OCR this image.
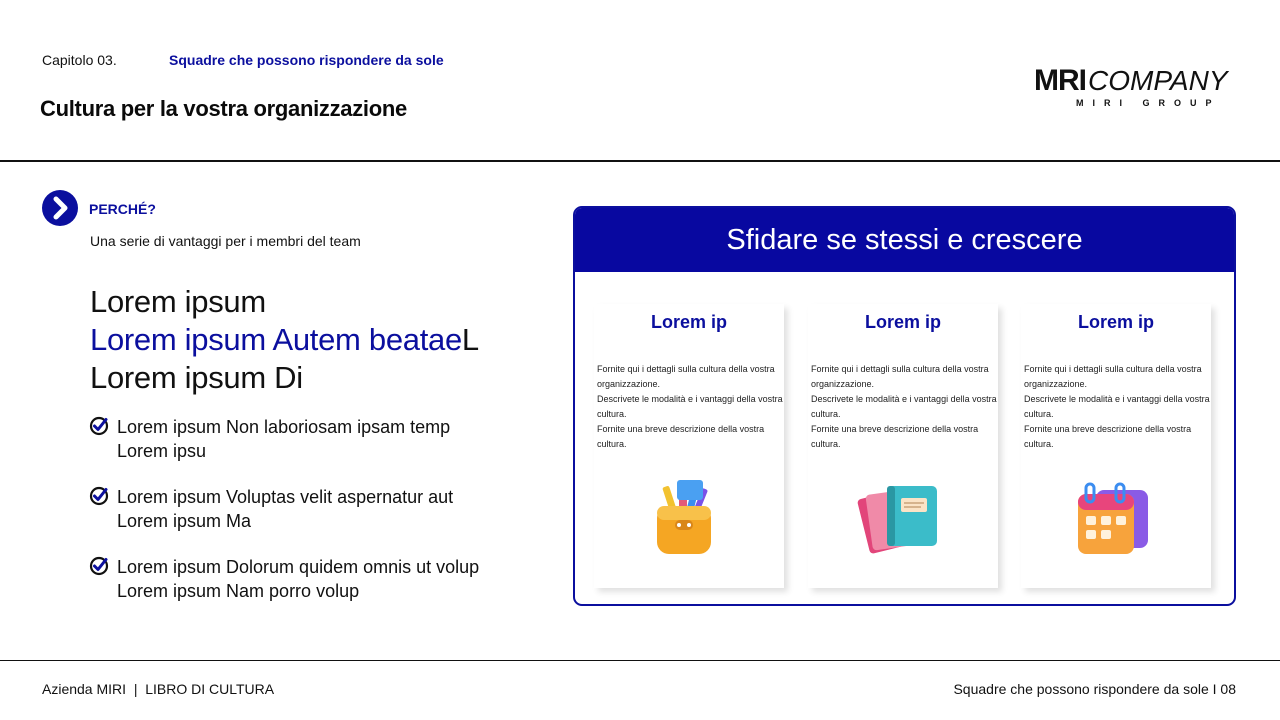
Capitolo 03.	Squadre che possono rispondere da sole
Cultura per la vostra organizzazione
MRI COMPANY
MIRI GROUP
PERCHÉ?
Una serie di vantaggi per i membri del team
Lorem ipsum
Lorem ipsum Autem beataeL
Lorem ipsum Di
Lorem ipsum Non laboriosam ipsam temp
Lorem ipsu
Lorem ipsum Voluptas velit aspernatur aut
Lorem ipsum Ma
Lorem ipsum Dolorum quidem omnis ut volup
Lorem ipsum Nam porro volup
Sfidare se stessi e crescere
Lorem ip
Fornite qui i dettagli sulla cultura della vostra organizzazione.
Descrivete le modalità e i vantaggi della vostra cultura.
Fornite una breve descrizione della vostra cultura.
Lorem ip
Fornite qui i dettagli sulla cultura della vostra organizzazione.
Descrivete le modalità e i vantaggi della vostra cultura.
Fornite una breve descrizione della vostra cultura.
Lorem ip
Fornite qui i dettagli sulla cultura della vostra organizzazione.
Descrivete le modalità e i vantaggi della vostra cultura.
Fornite una breve descrizione della vostra cultura.
Azienda MIRI  |  LIBRO DI CULTURA	Squadre che possono rispondere da sole I 08
